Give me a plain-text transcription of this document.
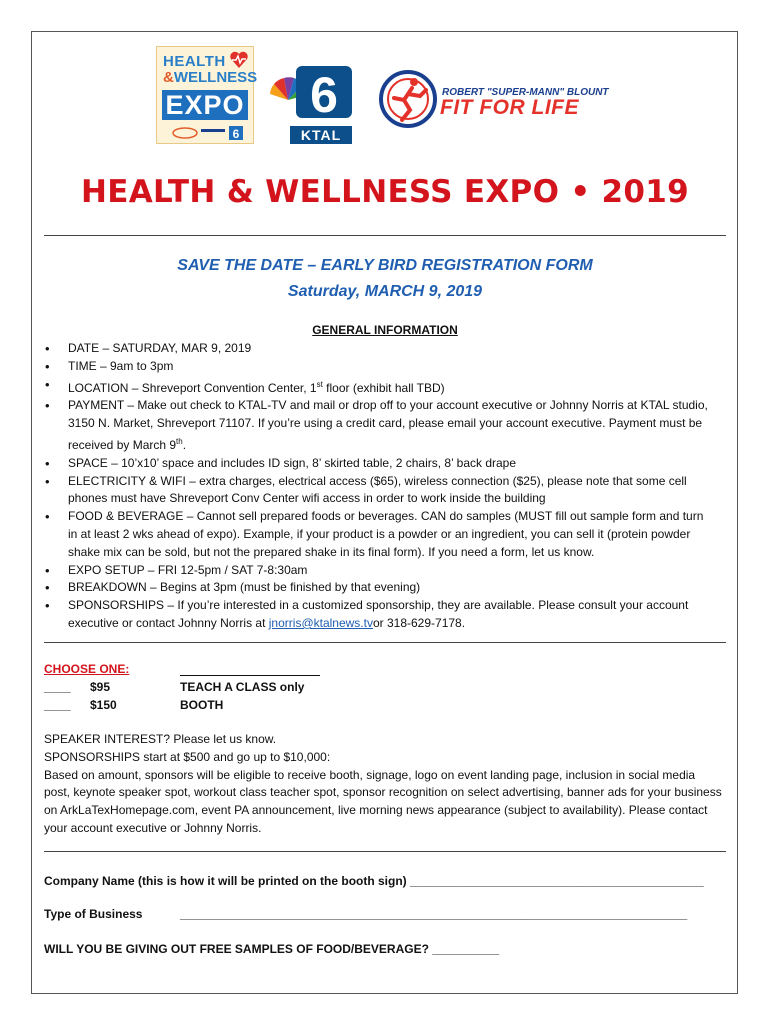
HEALTH
&WELLNESS
EXPO
6
6
KTAL
ROBERT "SUPER-MANN" BLOUNT
FIT FOR LIFE
HEALTH & WELLNESS EXPO • 2019
SAVE THE DATE – EARLY BIRD REGISTRATION FORM
Saturday, MARCH 9, 2019
GENERAL INFORMATION
• DATE – SATURDAY, MAR 9, 2019
• TIME – 9am to 3pm
• LOCATION – Shreveport Convention Center, 1st floor (exhibit hall TBD)
• PAYMENT – Make out check to KTAL-TV and mail or drop off to your account executive or Johnny Norris at KTAL studio, 3150 N. Market, Shreveport 71107. If you’re using a credit card, please email your account executive. Payment must be received by March 9th.
• SPACE – 10’x10’ space and includes ID sign, 8’ skirted table, 2 chairs, 8’ back drape
• ELECTRICITY & WIFI – extra charges, electrical access ($65), wireless connection ($25), please note that some cell phones must have Shreveport Conv Center wifi access in order to work inside the building
• FOOD & BEVERAGE – Cannot sell prepared foods or beverages. CAN do samples (MUST fill out sample form and turn in at least 2 wks ahead of expo). Example, if your product is a powder or an ingredient, you can sell it (protein powder shake mix can be sold, but not the prepared shake in its final form). If you need a form, let us know.
• EXPO SETUP – FRI 12-5pm / SAT 7-8:30am
• BREAKDOWN – Begins at 3pm (must be finished by that evening)
• SPONSORSHIPS – If you’re interested in a customized sponsorship, they are available. Please consult your account executive or contact Johnny Norris at jnorris@ktalnews.tvor 318-629-7178.
CHOOSE ONE:
____ $95	TEACH A CLASS only
____ $150	BOOTH
SPEAKER INTEREST? Please let us know.
SPONSORSHIPS start at $500 and go up to $10,000:
Based on amount, sponsors will be eligible to receive booth, signage, logo on event landing page, inclusion in social media post, keynote speaker spot, workout class teacher spot, sponsor recognition on select advertising, banner ads for your business on ArkLaTexHomepage.com, event PA announcement, live morning news appearance (subject to availability). Please contact your account executive or Johnny Norris.
Company Name (this is how it will be printed on the booth sign) ____________________________________________
Type of Business	____________________________________________________________________________
WILL YOU BE GIVING OUT FREE SAMPLES OF FOOD/BEVERAGE? __________
